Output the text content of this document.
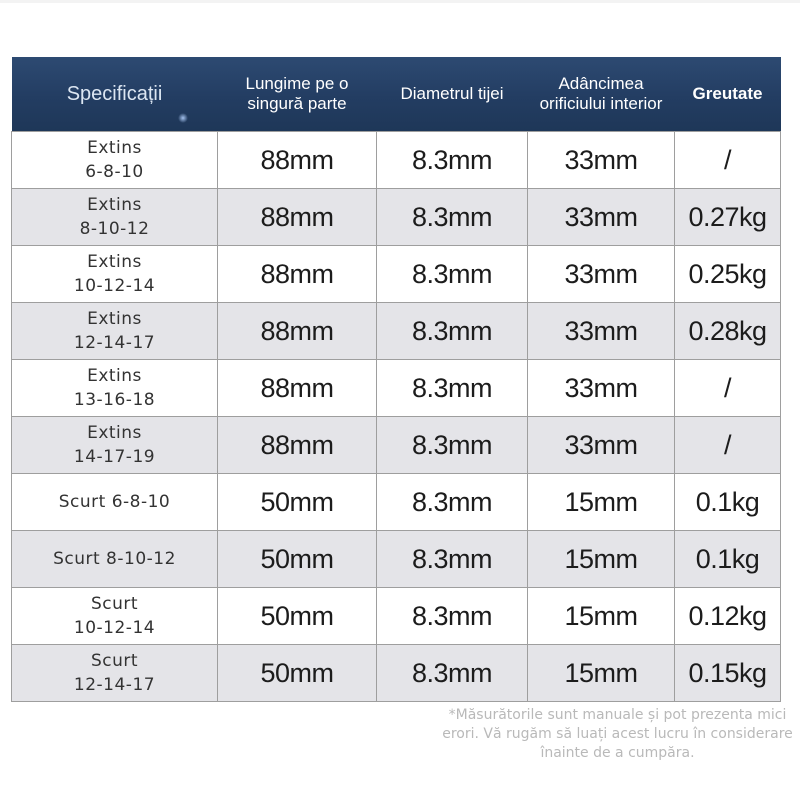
Specificații	Lungime pe o singură parte	Diametrul tijei	Adâncimea orificiului interior	Greutate

Extins
6-8-10	88mm	8.3mm	33mm	/

Extins
8-10-12	88mm	8.3mm	33mm	0.27kg

Extins
10-12-14	88mm	8.3mm	33mm	0.25kg

Extins
12-14-17	88mm	8.3mm	33mm	0.28kg

Extins
13-16-18	88mm	8.3mm	33mm	/

Extins
14-17-19	88mm	8.3mm	33mm	/

Scurt 6-8-10	50mm	8.3mm	15mm	0.1kg

Scurt 8-10-12	50mm	8.3mm	15mm	0.1kg

Scurt
10-12-14	50mm	8.3mm	15mm	0.12kg

Scurt
12-14-17	50mm	8.3mm	15mm	0.15kg
*Măsurătorile sunt manuale și pot prezenta mici erori. Vă rugăm să luați acest lucru în considerare înainte de a cumpăra.
